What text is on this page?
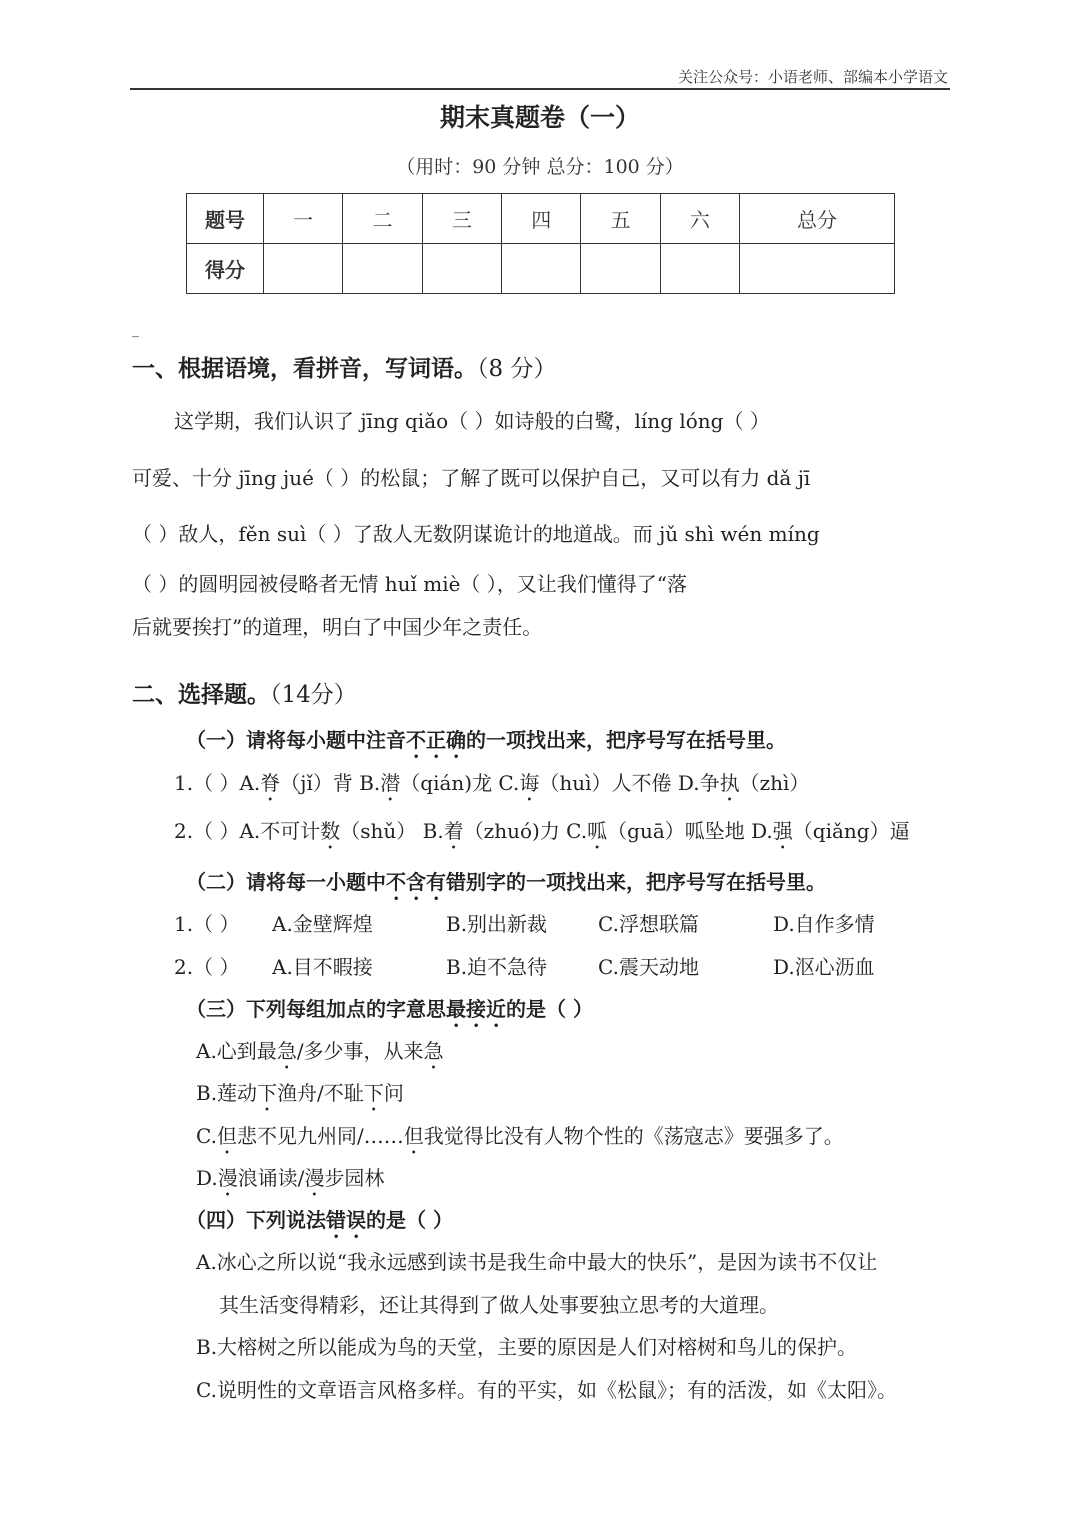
关注公众号：小语老师、部编本小学语文
期末真题卷（一）
（用时：90 分钟 总分：100 分）
题号	一	二	三	四	五	六	总分
得分							
_
一、根据语境，看拼音，写词语。（8 分）
这学期，我们认识了 jīng qiǎo（ ）如诗般的白鹭，líng lóng（ ）
可爱、十分 jīng jué（ ）的松鼠；了解了既可以保护自己，又可以有力 dǎ jī
（ ）敌人，fěn suì（ ）了敌人无数阴谋诡计的地道战。而 jǔ shì wén míng
（ ）的圆明园被侵略者无情 huǐ miè（ ），又让我们懂得了“落
后就要挨打”的道理，明白了中国少年之责任。
二、选择题。（14分）
（一）请将每小题中注音不正确的一项找出来，把序号写在括号里。
1.（ ）A.脊（jǐ）背 B.潜（qián)龙 C.诲（huì）人不倦 D.争执（zhì）
2.（ ）A.不可计数（shǔ） B.着（zhuó)力 C.呱（guā）呱坠地 D.强（qiǎng）逼
（二）请将每一小题中不含有错别字的一项找出来，把序号写在括号里。
1.（ ） A.金壁辉煌	B.别出新裁	C.浮想联篇	D.自作多情
2.（ ） A.目不暇接	B.迫不急待	C.震天动地	D.沤心沥血
（三）下列每组加点的字意思最接近的是（ ）
A.心到最急/多少事，从来急
B.莲动下渔舟/不耻下问
C.但悲不见九州同/……但我觉得比没有人物个性的《荡寇志》要强多了。
D.漫浪诵读/漫步园林
（四）下列说法错误的是（ ）
A.冰心之所以说“我永远感到读书是我生命中最大的快乐”，是因为读书不仅让
其生活变得精彩，还让其得到了做人处事要独立思考的大道理。
B.大榕树之所以能成为鸟的天堂，主要的原因是人们对榕树和鸟儿的保护。
C.说明性的文章语言风格多样。有的平实，如《松鼠》；有的活泼，如《太阳》。
